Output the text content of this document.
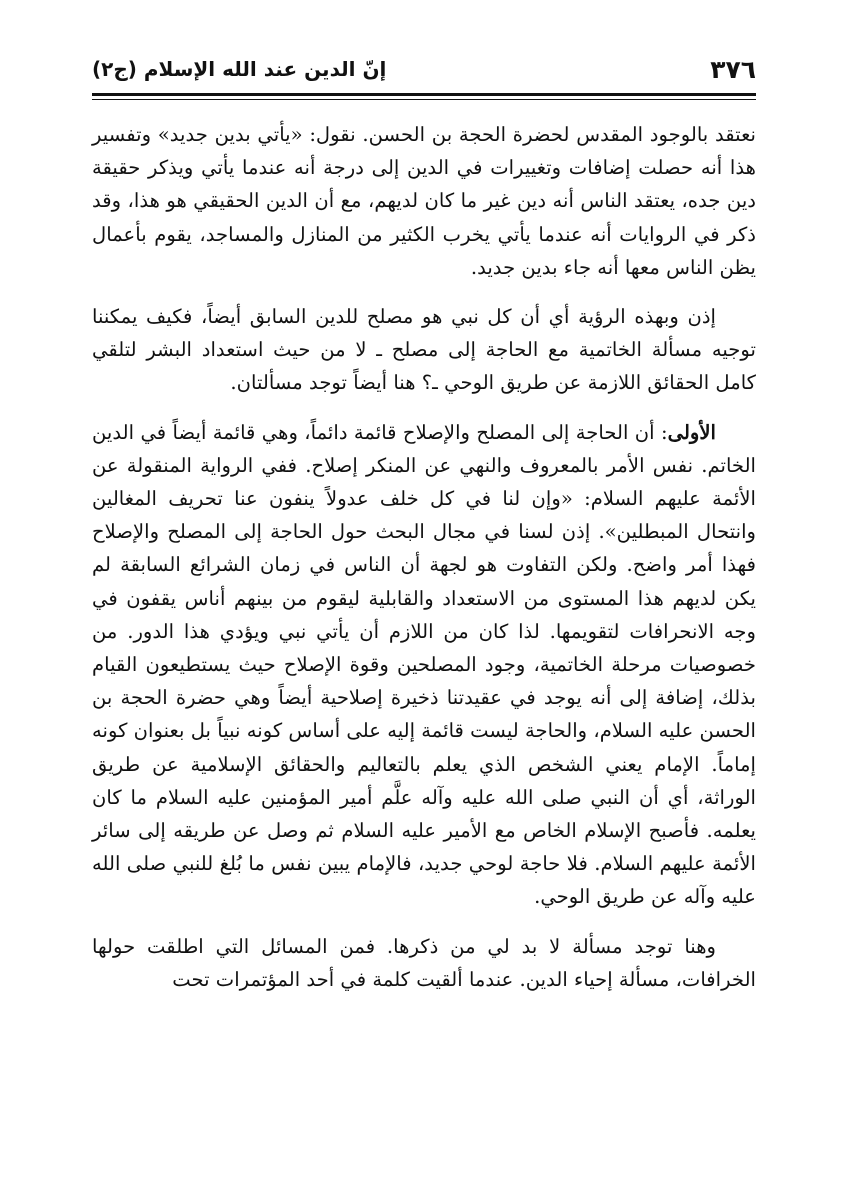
٣٧٦
إنّ الدين عند الله الإسلام (ج٢)

نعتقد بالوجود المقدس لحضرة الحجة بن الحسن. نقول: «يأتي بدين جديد» وتفسير هذا أنه حصلت إضافات وتغييرات في الدين إلى درجة أنه عندما يأتي ويذكر حقيقة دين جده، يعتقد الناس أنه دين غير ما كان لديهم، مع أن الدين الحقيقي هو هذا، وقد ذكر في الروايات أنه عندما يأتي يخرب الكثير من المنازل والمساجد، يقوم بأعمال يظن الناس معها أنه جاء بدين جديد.

إذن وبهذه الرؤية أي أن كل نبي هو مصلح للدين السابق أيضاً، فكيف يمكننا توجيه مسألة الخاتمية مع الحاجة إلى مصلح ـ لا من حيث استعداد البشر لتلقي كامل الحقائق اللازمة عن طريق الوحي ـ؟ هنا أيضاً توجد مسألتان.

الأولى: أن الحاجة إلى المصلح والإصلاح قائمة دائماً، وهي قائمة أيضاً في الدين الخاتم. نفس الأمر بالمعروف والنهي عن المنكر إصلاح. ففي الرواية المنقولة عن الأئمة عليهم السلام: «وإن لنا في كل خلف عدولاً ينفون عنا تحريف المغالين وانتحال المبطلين». إذن لسنا في مجال البحث حول الحاجة إلى المصلح والإصلاح فهذا أمر واضح. ولكن التفاوت هو لجهة أن الناس في زمان الشرائع السابقة لم يكن لديهم هذا المستوى من الاستعداد والقابلية ليقوم من بينهم أناس يقفون في وجه الانحرافات لتقويمها. لذا كان من اللازم أن يأتي نبي ويؤدي هذا الدور. من خصوصيات مرحلة الخاتمية، وجود المصلحين وقوة الإصلاح حيث يستطيعون القيام بذلك، إضافة إلى أنه يوجد في عقيدتنا ذخيرة إصلاحية أيضاً وهي حضرة الحجة بن الحسن عليه السلام، والحاجة ليست قائمة إليه على أساس كونه نبياً بل بعنوان كونه إماماً. الإمام يعني الشخص الذي يعلم بالتعاليم والحقائق الإسلامية عن طريق الوراثة، أي أن النبي صلى الله عليه وآله علَّم أمير المؤمنين عليه السلام ما كان يعلمه. فأصبح الإسلام الخاص مع الأمير عليه السلام ثم وصل عن طريقه إلى سائر الأئمة عليهم السلام. فلا حاجة لوحي جديد، فالإمام يبين نفس ما بُلغ للنبي صلى الله عليه وآله عن طريق الوحي.

وهنا توجد مسألة لا بد لي من ذكرها. فمن المسائل التي اطلقت حولها الخرافات، مسألة إحياء الدين. عندما ألقيت كلمة في أحد المؤتمرات تحت
